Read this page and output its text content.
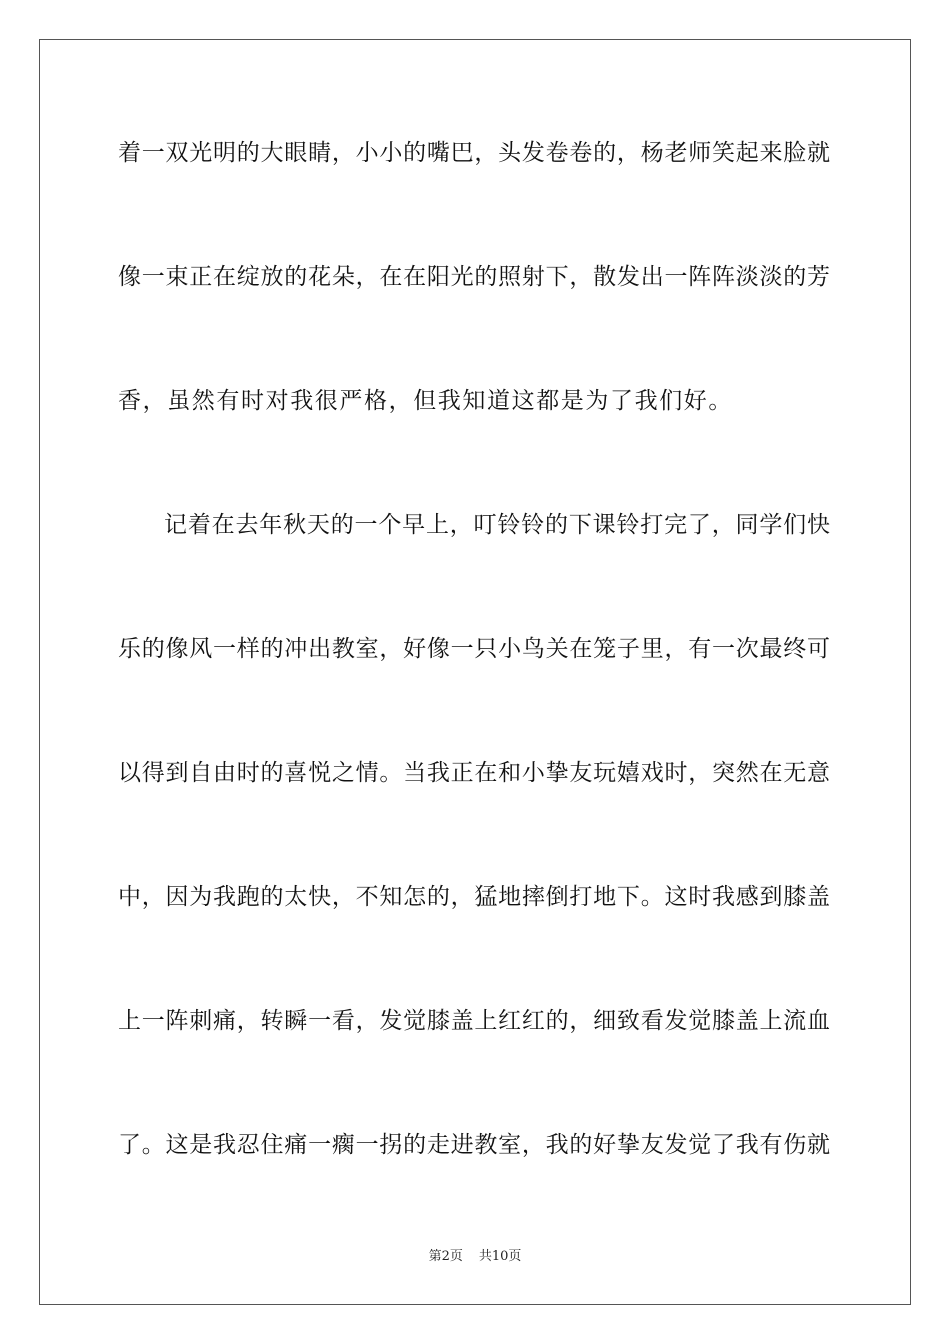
着一双光明的大眼睛，小小的嘴巴，头发卷卷的，杨老师笑起来脸就
像一束正在绽放的花朵，在在阳光的照射下，散发出一阵阵淡淡的芳
香，虽然有时对我很严格，但我知道这都是为了我们好。
记着在去年秋天的一个早上，叮铃铃的下课铃打完了，同学们快
乐的像风一样的冲出教室，好像一只小鸟关在笼子里，有一次最终可
以得到自由时的喜悦之情。当我正在和小挚友玩嬉戏时，突然在无意
中，因为我跑的太快，不知怎的，猛地摔倒打地下。这时我感到膝盖
上一阵刺痛，转瞬一看，发觉膝盖上红红的，细致看发觉膝盖上流血
了。这是我忍住痛一瘸一拐的走进教室，我的好挚友发觉了我有伤就
第2页 共10页
